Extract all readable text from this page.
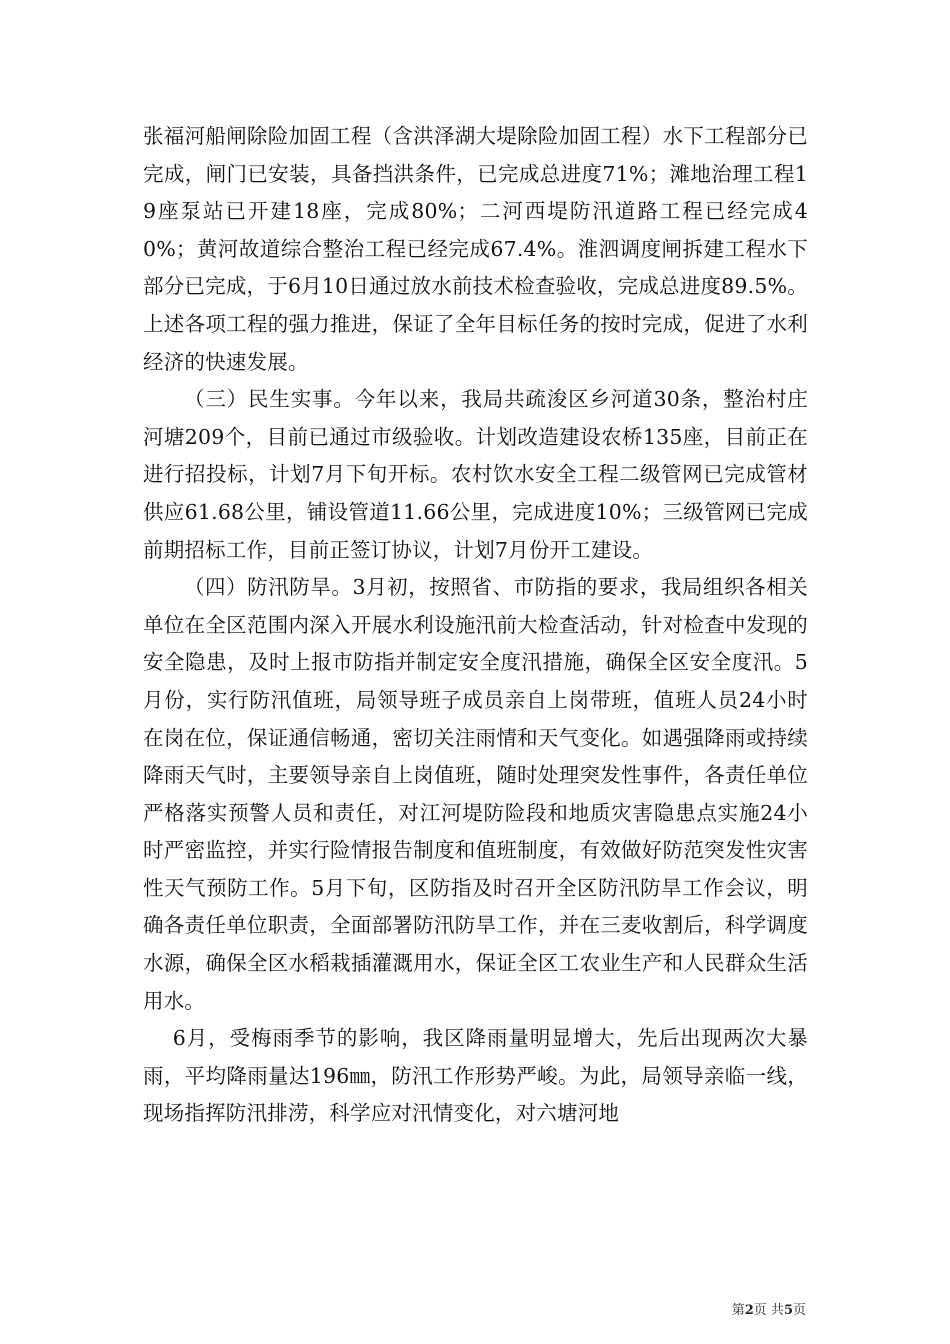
张福河船闸除险加固工程（含洪泽湖大堤除险加固工程）水下工程部分已完成，闸门已安装，具备挡洪条件，已完成总进度71%；滩地治理工程19座泵站已开建18座，完成80%；二河西堤防汛道路工程已经完成40%；黄河故道综合整治工程已经完成67.4%。淮泗调度闸拆建工程水下部分已完成，于6月10日通过放水前技术检查验收，完成总进度89.5%。上述各项工程的强力推进，保证了全年目标任务的按时完成，促进了水利经济的快速发展。

（三）民生实事。今年以来，我局共疏浚区乡河道30条，整治村庄河塘209个，目前已通过市级验收。计划改造建设农桥135座，目前正在进行招投标，计划7月下旬开标。农村饮水安全工程二级管网已完成管材供应61.68公里，铺设管道11.66公里，完成进度10%；三级管网已完成前期招标工作，目前正签订协议，计划7月份开工建设。

（四）防汛防旱。3月初，按照省、市防指的要求，我局组织各相关单位在全区范围内深入开展水利设施汛前大检查活动，针对检查中发现的安全隐患，及时上报市防指并制定安全度汛措施，确保全区安全度汛。5月份，实行防汛值班，局领导班子成员亲自上岗带班，值班人员24小时在岗在位，保证通信畅通，密切关注雨情和天气变化。如遇强降雨或持续降雨天气时，主要领导亲自上岗值班，随时处理突发性事件，各责任单位严格落实预警人员和责任，对江河堤防险段和地质灾害隐患点实施24小时严密监控，并实行险情报告制度和值班制度，有效做好防范突发性灾害性天气预防工作。5月下旬，区防指及时召开全区防汛防旱工作会议，明确各责任单位职责，全面部署防汛防旱工作，并在三麦收割后，科学调度水源，确保全区水稻栽插灌溉用水，保证全区工农业生产和人民群众生活用水。

6月，受梅雨季节的影响，我区降雨量明显增大，先后出现两次大暴雨，平均降雨量达196㎜，防汛工作形势严峻。为此，局领导亲临一线，现场指挥防汛排涝，科学应对汛情变化，对六塘河地

第2页 共5页
